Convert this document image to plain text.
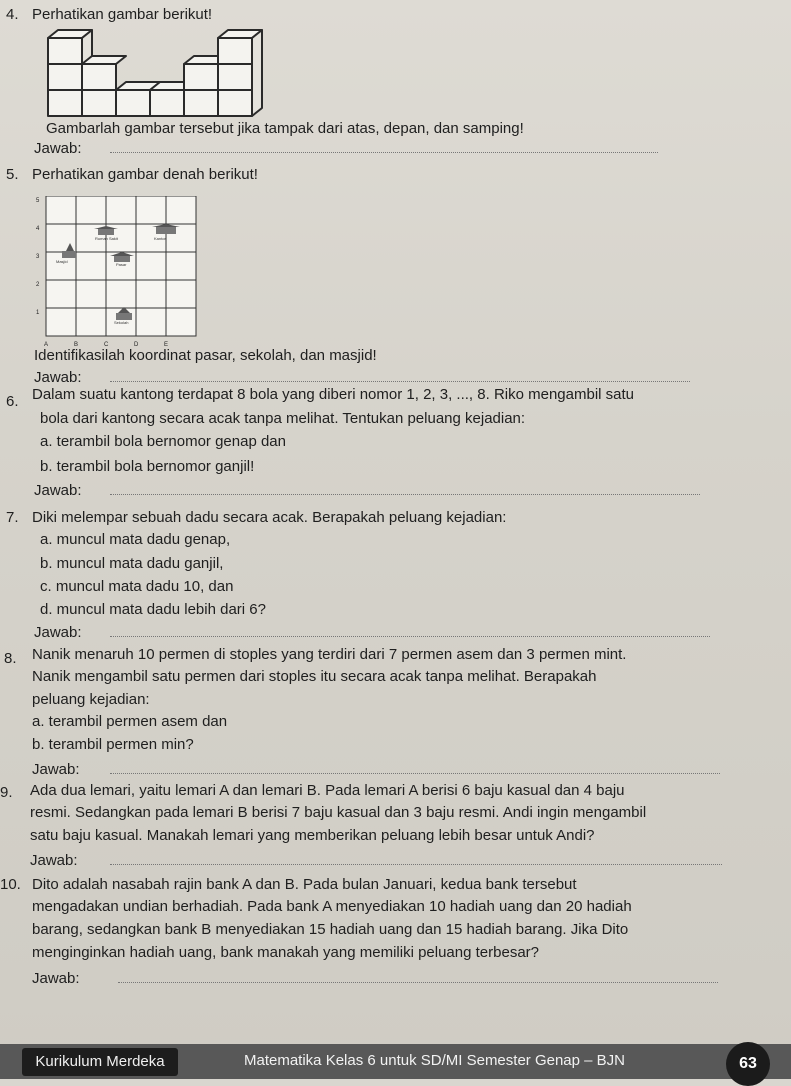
4. Perhatikan gambar berikut!
Gambarlah gambar tersebut jika tampak dari atas, depan, dan samping!
Jawab:
5. Perhatikan gambar denah berikut!
Rumah Sakit	Kantor
Masjid
Pasar
Sekolah
5
4
3
2
1
A	B	C	D	E
Identifikasilah koordinat pasar, sekolah, dan masjid!
Jawab:
6. Dalam suatu kantong terdapat 8 bola yang diberi nomor 1, 2, 3, ..., 8. Riko mengambil satu
bola dari kantong secara acak tanpa melihat. Tentukan peluang kejadian:
a. terambil bola bernomor genap dan
b. terambil bola bernomor ganjil!
Jawab:
7. Diki melempar sebuah dadu secara acak. Berapakah peluang kejadian:
a. muncul mata dadu genap,
b. muncul mata dadu ganjil,
c. muncul mata dadu 10, dan
d. muncul mata dadu lebih dari 6?
Jawab:
8. Nanik menaruh 10 permen di stoples yang terdiri dari 7 permen asem dan 3 permen mint.
Nanik mengambil satu permen dari stoples itu secara acak tanpa melihat. Berapakah
peluang kejadian:
a. terambil permen asem dan
b. terambil permen min?
Jawab:
9. Ada dua lemari, yaitu lemari A dan lemari B. Pada lemari A berisi 6 baju kasual dan 4 baju
resmi. Sedangkan pada lemari B berisi 7 baju kasual dan 3 baju resmi. Andi ingin mengambil
satu baju kasual. Manakah lemari yang memberikan peluang lebih besar untuk Andi?
Jawab:
10. Dito adalah nasabah rajin bank A dan B. Pada bulan Januari, kedua bank tersebut
mengadakan undian berhadiah. Pada bank A menyediakan 10 hadiah uang dan 20 hadiah
barang, sedangkan bank B menyediakan 15 hadiah uang dan 15 hadiah barang. Jika Dito
menginginkan hadiah uang, bank manakah yang memiliki peluang terbesar?
Jawab:
Kurikulum Merdeka	Matematika Kelas 6 untuk SD/MI Semester Genap – BJN	63
